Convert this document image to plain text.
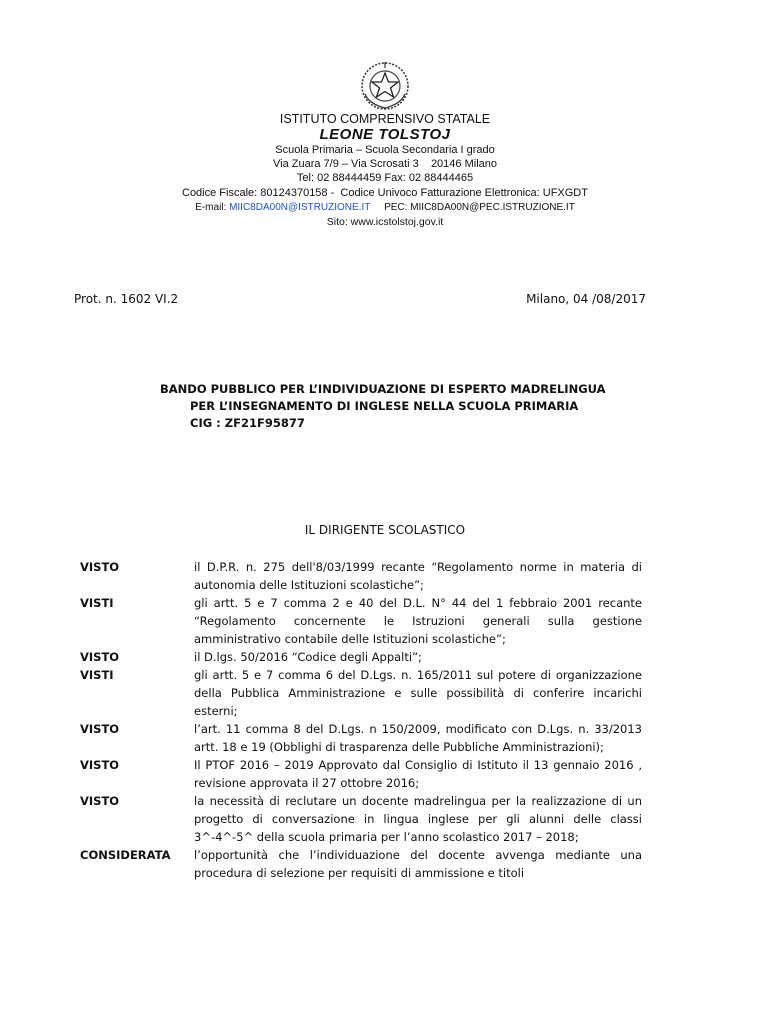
ISTITUTO COMPRENSIVO STATALE
LEONE TOLSTOJ
Scuola Primaria – Scuola Secondaria I grado
Via Zuara 7/9 – Via Scrosati 3    20146 Milano
Tel: 02 88444459 Fax: 02 88444465
Codice Fiscale: 80124370158 -  Codice Univoco Fatturazione Elettronica: UFXGDT
E-mail: MIIC8DA00N@ISTRUZIONE.IT     PEC: MIIC8DA00N@PEC.ISTRUZIONE.IT
Sito: www.icstolstoj.gov.it
Prot. n. 1602 VI.2	Milano, 04 /08/2017
BANDO PUBBLICO PER L’INDIVIDUAZIONE DI ESPERTO MADRELINGUA
PER L’INSEGNAMENTO DI INGLESE NELLA SCUOLA PRIMARIA
CIG : ZF21F95877
IL DIRIGENTE SCOLASTICO
VISTO	il D.P.R. n. 275 dell'8/03/1999 recante “Regolamento norme in materia di autonomia delle Istituzioni scolastiche”;
VISTI	gli artt. 5 e 7 comma 2 e 40 del D.L. N° 44 del 1 febbraio 2001 recante “Regolamento concernente le Istruzioni generali sulla gestione amministrativo contabile delle Istituzioni scolastiche”;
VISTO	il D.lgs. 50/2016 “Codice degli Appalti”;
VISTI	gli artt. 5 e 7 comma 6 del D.Lgs. n. 165/2011 sul potere di organizzazione della Pubblica Amministrazione e sulle possibilità di conferire incarichi esterni;
VISTO	l’art. 11 comma 8 del D.Lgs. n 150/2009, modificato con D.Lgs. n. 33/2013 artt. 18 e 19 (Obblighi di trasparenza delle Pubbliche Amministrazioni);
VISTO	Il PTOF 2016 – 2019 Approvato dal Consiglio di Istituto il 13 gennaio 2016 , revisione approvata il 27 ottobre 2016;
VISTO	la necessità di reclutare un docente madrelingua per la realizzazione di un progetto di conversazione in lingua inglese per gli alunni delle classi 3^-4^-5^ della scuola primaria per l’anno scolastico 2017 – 2018;
CONSIDERATA	l’opportunità che l’individuazione del docente avvenga mediante una procedura di selezione per requisiti di ammissione e titoli
